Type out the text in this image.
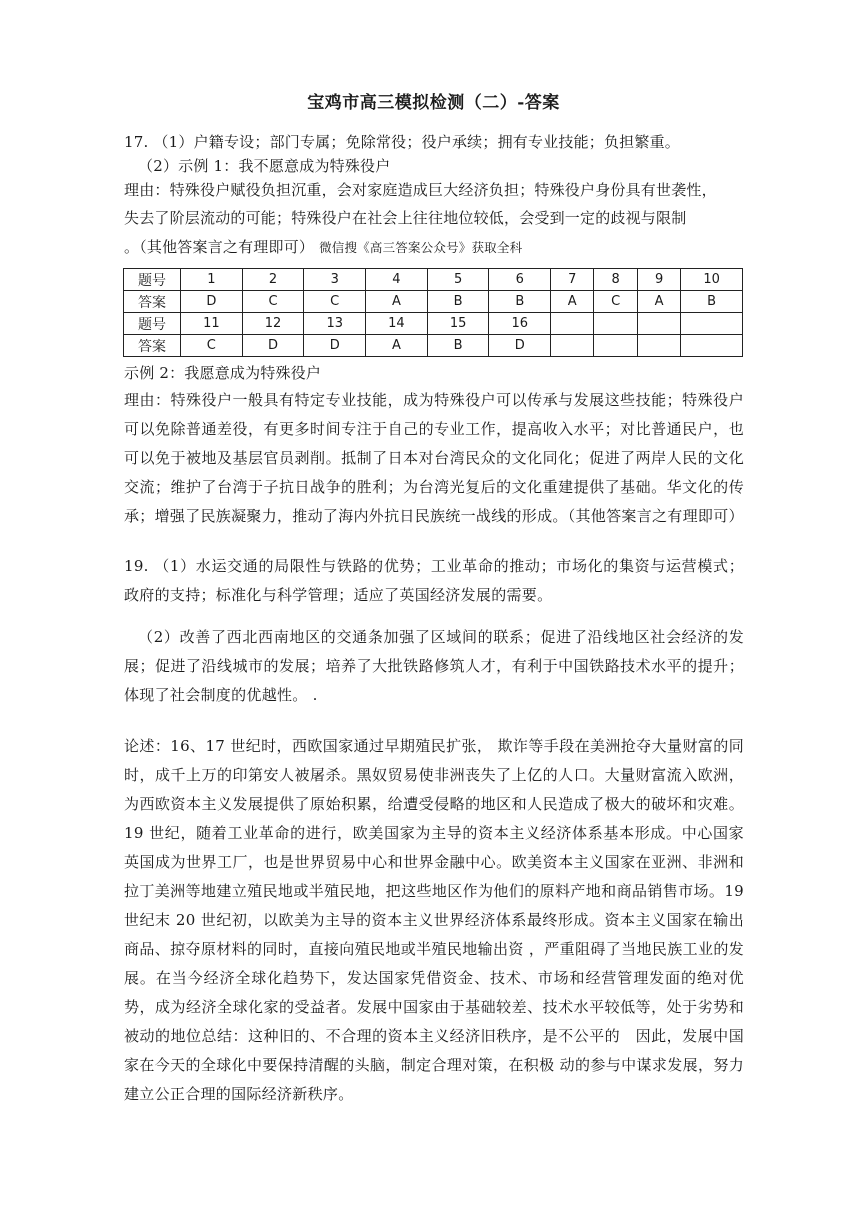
宝鸡市高三模拟检测（二）-答案
17. （1）户籍专设；部门专属；免除常役；役户承续；拥有专业技能；负担繁重。
（2）示例 1：我不愿意成为特殊役户
理由：特殊役户赋役负担沉重，会对家庭造成巨大经济负担；特殊役户身份具有世袭性，
失去了阶层流动的可能；特殊役户在社会上往往地位较低，会受到一定的歧视与限制
。（其他答案言之有理即可） 微信搜《高三答案公众号》获取全科
题号	1	2	3	4	5	6	7	8	9	10
答案	D	C	C	A	B	B	A	C	A	B
题号	11	12	13	14	15	16				
答案	C	D	D	A	B	D				
示例 2：我愿意成为特殊役户
理由：特殊役户一般具有特定专业技能，成为特殊役户可以传承与发展这些技能；特殊役户可以免除普通差役，有更多时间专注于自己的专业工作，提高收入水平；对比普通民户，也可以免于被地及基层官员剥削。抵制了日本对台湾民众的文化同化；促进了两岸人民的文化交流；维护了台湾于子抗日战争的胜利；为台湾光复后的文化重建提供了基础。华文化的传承；增强了民族凝聚力，推动了海内外抗日民族统一战线的形成。（其他答案言之有理即可）
19. （1）水运交通的局限性与铁路的优势；工业革命的推动；市场化的集资与运营模式；政府的支持；标准化与科学管理；适应了英国经济发展的需要。
（2）改善了西北西南地区的交通条加强了区域间的联系；促进了沿线地区社会经济的发展；促进了沿线城市的发展；培养了大批铁路修筑人才，有利于中国铁路技术水平的提升；体现了社会制度的优越性。 .
论述：16、17 世纪时，西欧国家通过早期殖民扩张， 欺诈等手段在美洲抢夺大量财富的同时，成千上万的印第安人被屠杀。黑奴贸易使非洲丧失了上亿的人口。大量财富流入欧洲，为西欧资本主义发展提供了原始积累，给遭受侵略的地区和人民造成了极大的破坏和灾难。19 世纪，随着工业革命的进行，欧美国家为主导的资本主义经济体系基本形成。中心国家英国成为世界工厂，也是世界贸易中心和世界金融中心。欧美资本主义国家在亚洲、非洲和拉丁美洲等地建立殖民地或半殖民地，把这些地区作为他们的原料产地和商品销售市场。19 世纪末 20 世纪初，以欧美为主导的资本主义世界经济体系最终形成。资本主义国家在输出商品、掠夺原材料的同时，直接向殖民地或半殖民地输出资 ，严重阻碍了当地民族工业的发展。在当今经济全球化趋势下，发达国家凭借资金、技术、市场和经营管理发面的绝对优势，成为经济全球化家的受益者。发展中国家由于基础较差、技术水平较低等，处于劣势和被动的地位总结：这种旧的、不合理的资本主义经济旧秩序，是不公平的　因此，发展中国家在今天的全球化中要保持清醒的头脑，制定合理对策，在积极 动的参与中谋求发展，努力建立公正合理的国际经济新秩序。
